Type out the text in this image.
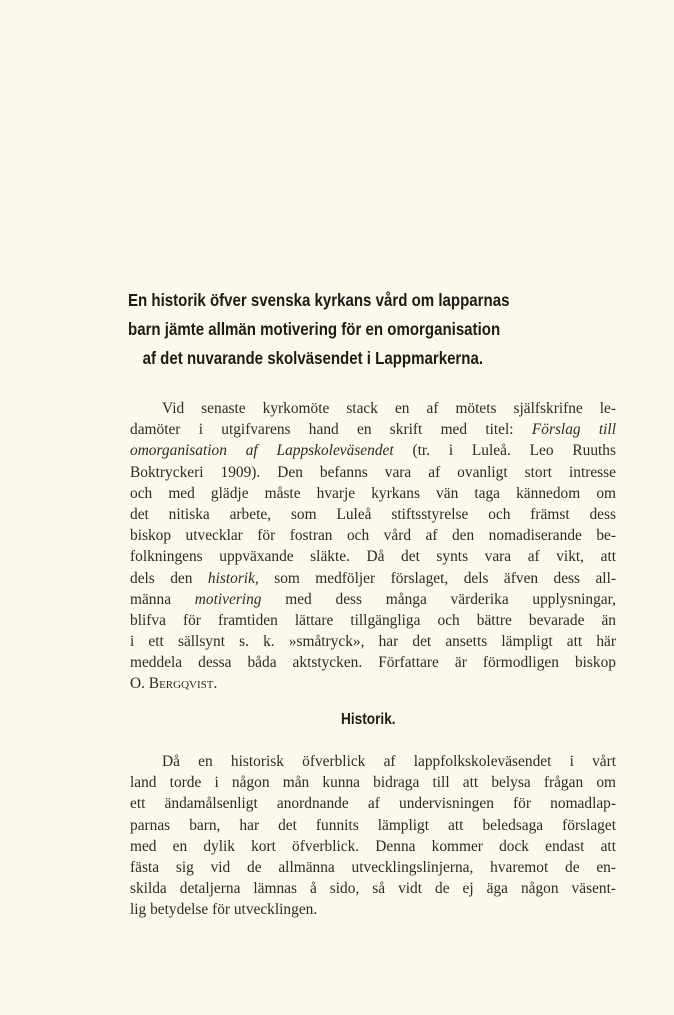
En historik öfver svenska kyrkans vård om lapparnas
barn jämte allmän motivering för en omorganisation
af det nuvarande skolväsendet i Lappmarkerna.
Vid senaste kyrkomöte stack en af mötets själfskrifne le-
damöter i utgifvarens hand en skrift med titel: Förslag till
omorganisation af Lappskoleväsendet (tr. i Luleå. Leo Ruuths
Boktryckeri 1909). Den befanns vara af ovanligt stort intresse
och med glädje måste hvarje kyrkans vän taga kännedom om
det nitiska arbete, som Luleå stiftsstyrelse och främst dess
biskop utvecklar för fostran och vård af den nomadiserande be-
folkningens uppväxande släkte. Då det synts vara af vikt, att
dels den historik, som medföljer förslaget, dels äfven dess all-
männa motivering med dess många värderika upplysningar,
blifva för framtiden lättare tillgängliga och bättre bevarade än
i ett sällsynt s. k. »småtryck», har det ansetts lämpligt att här
meddela dessa båda aktstycken. Författare är förmodligen biskop
O. Bergqvist.
Historik.
Då en historisk öfverblick af lappfolkskoleväsendet i vårt
land torde i någon mån kunna bidraga till att belysa frågan om
ett ändamålsenligt anordnande af undervisningen för nomadlap-
parnas barn, har det funnits lämpligt att beledsaga förslaget
med en dylik kort öfverblick. Denna kommer dock endast att
fästa sig vid de allmänna utvecklingslinjerna, hvaremot de en-
skilda detaljerna lämnas å sido, så vidt de ej äga någon väsent-
lig betydelse för utvecklingen.
